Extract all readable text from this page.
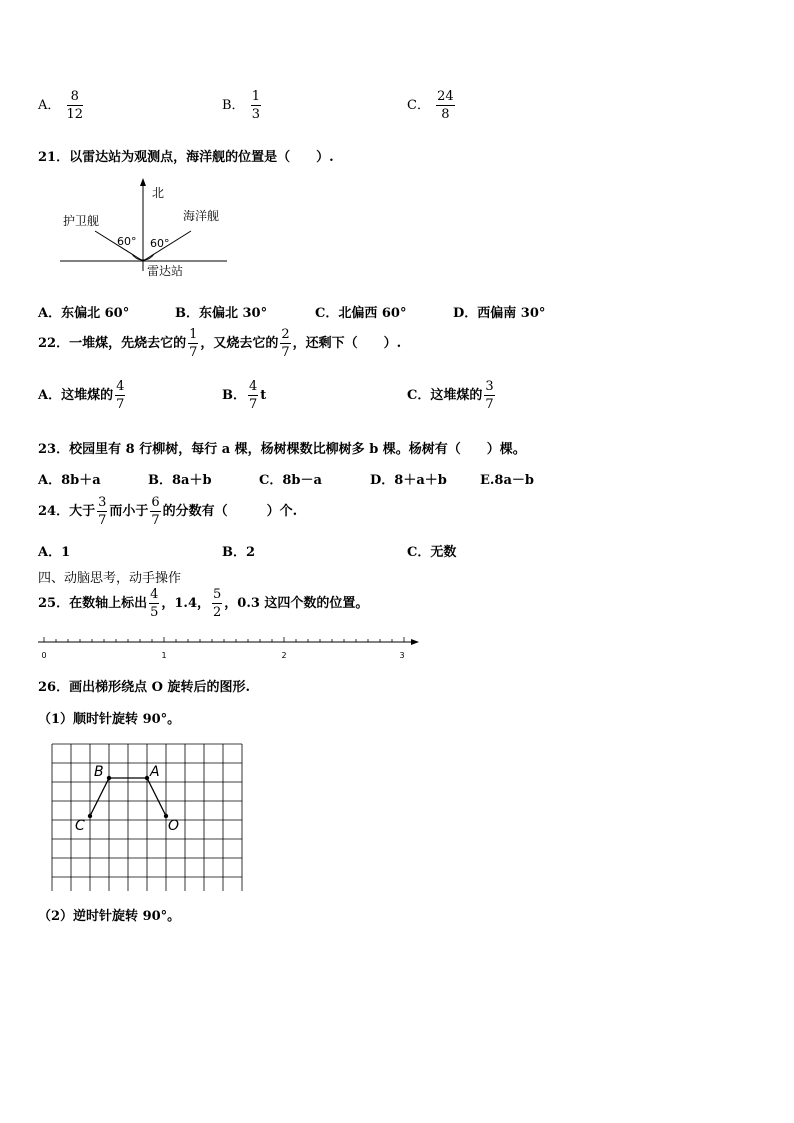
A． $\frac{8}{12}$	B． $\frac{1}{3}$	C． $\frac{24}{8}$
21．以雷达站为观测点，海洋舰的位置是（　　）.
北
护卫舰	海洋舰
60° 60°
雷达站
A．东偏北 60°	B．东偏北 30°	C．北偏西 60°	D．西偏南 30°
22．一堆煤，先烧去它的 $\frac{1}{7}$ ，又烧去它的 $\frac{2}{7}$ ，还剩下（　　）.
A．这堆煤的 $\frac{4}{7}$	B． $\frac{4}{7}$ t	C．这堆煤的 $\frac{3}{7}$
23．校园里有 8 行柳树，每行 a 棵，杨树棵数比柳树多 b 棵。杨树有（　　）棵。
A．8b＋a	B．8a＋b	C．8b－a	D．8＋a＋b	E.8a－b
24．大于 $\frac{3}{7}$ 而小于 $\frac{6}{7}$ 的分数有（　　　）个.
A．1	B．2	C．无数
四、动脑思考，动手操作
25．在数轴上标出 $\frac{4}{5}$ ，1.4， $\frac{5}{2}$ ，0.3 这四个数的位置。
0	1	2	3
26．画出梯形绕点 O 旋转后的图形.
（1）顺时针旋转 90°。
B	A
C	O
（2）逆时针旋转 90°。
